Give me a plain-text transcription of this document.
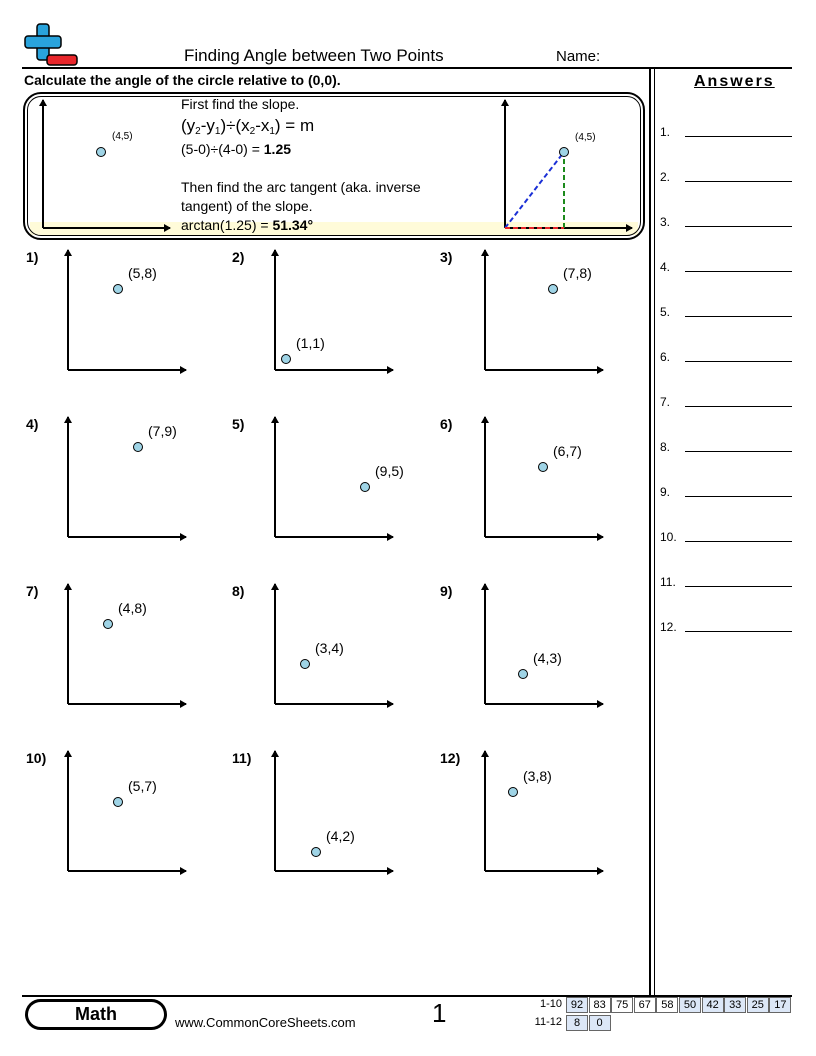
Finding Angle between Two Points	Name:
Calculate the angle of the circle relative to (0,0).
(4,5)	(4,5)
First find the slope.
$(y_2-y_1)\div(x_2-x_1) = m$
(5-0)÷(4-0) = 1.25
Then find the arc tangent (aka. inverse
tangent) of the slope.
arctan(1.25) = 51.34°
1)
(5,8)
2)
(1,1)
3)
(7,8)
4)	(7,9)	5)
(9,5)
6)
(6,7)
7)
(4,8)
8)
(3,4)
9)
(4,3)
10)
(5,7)
11)
(4,2)
12)
(3,8)
Answers
1.
2.
3.
4.
5.
6.
7.
8.
9.
10.
11.
12.
Math	www.CommonCoreSheets.com	1	1-10 92 83 75 67 58 50 42 33 25 17
11-12	8	0
